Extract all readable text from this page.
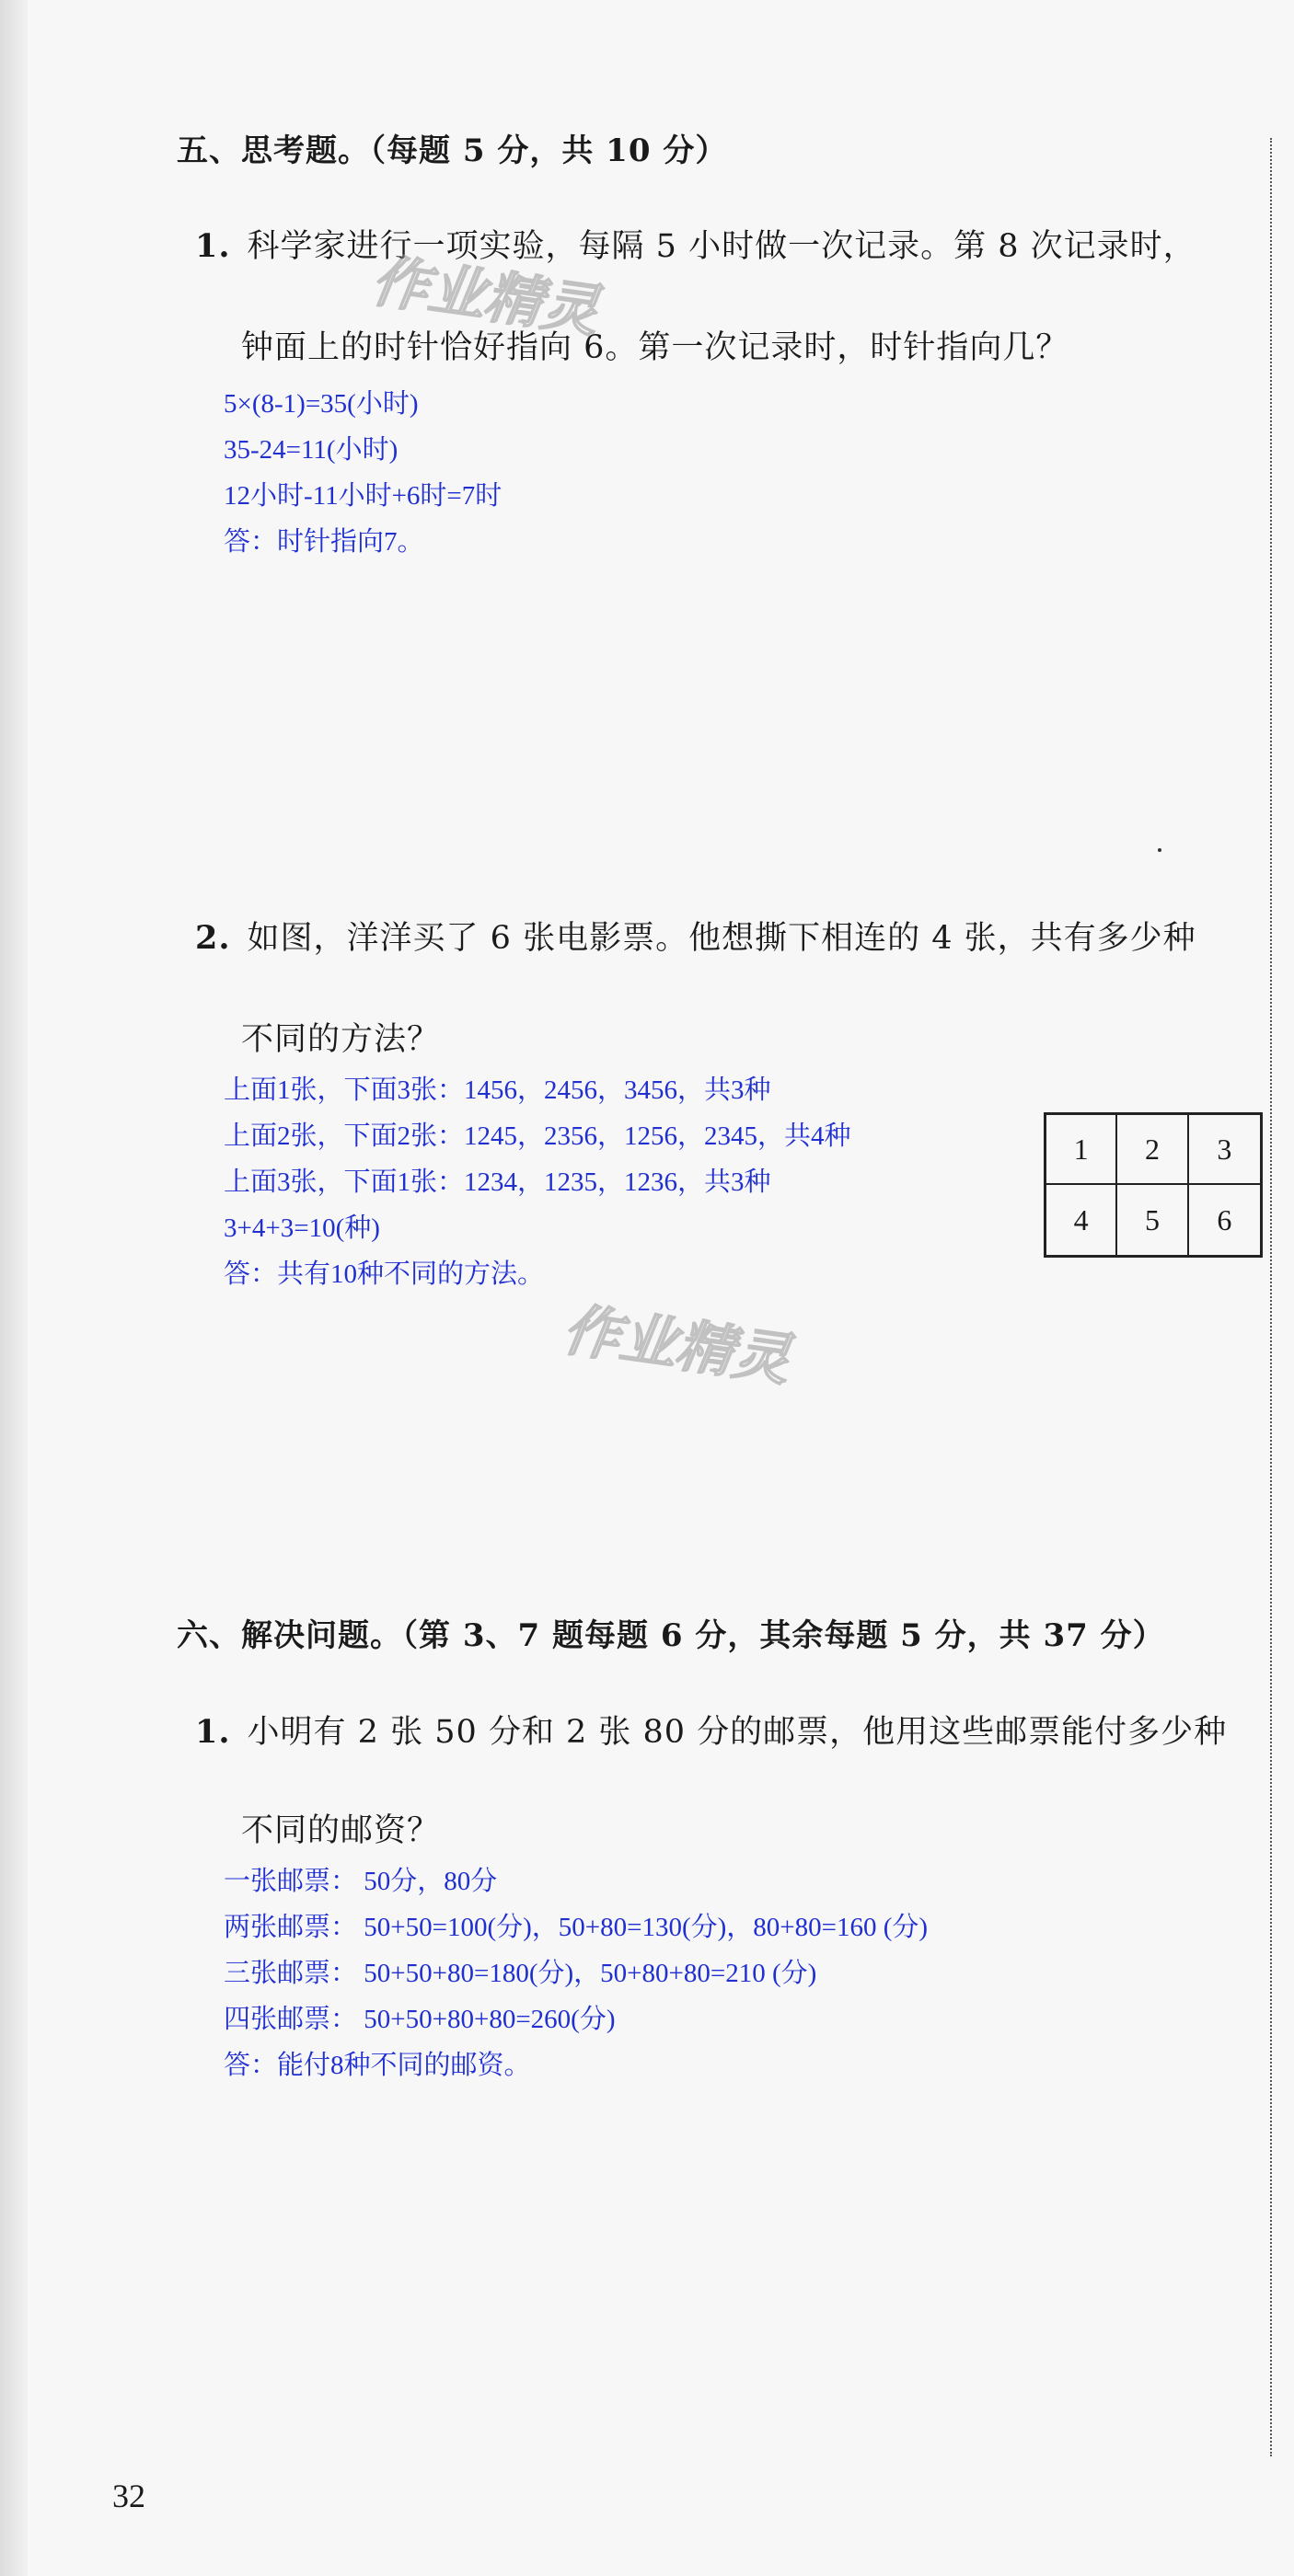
五、思考题。（每题 5 分，共 10 分）
1. 科学家进行一项实验，每隔 5 小时做一次记录。第 8 次记录时，
钟面上的时针恰好指向 6。第一次记录时，时针指向几？
5×(8-1)=35(小时)
35-24=11(小时)
12小时-11小时+6时=7时
答：时针指向7。
2. 如图，洋洋买了 6 张电影票。他想撕下相连的 4 张，共有多少种
不同的方法？
上面1张，下面3张：1456，2456，3456，共3种
上面2张，下面2张：1245，2356，1256，2345，共4种
上面3张，下面1张：1234，1235，1236，共3种
3+4+3=10(种)
答：共有10种不同的方法。
1	2	3
4	5	6
六、解决问题。（第 3、7 题每题 6 分，其余每题 5 分，共 37 分）
1. 小明有 2 张 50 分和 2 张 80 分的邮票，他用这些邮票能付多少种
不同的邮资？
一张邮票： 50分，80分
两张邮票： 50+50=100(分)，50+80=130(分)，80+80=160 (分)
三张邮票： 50+50+80=180(分)，50+80+80=210 (分)
四张邮票： 50+50+80+80=260(分)
答：能付8种不同的邮资。
作业精灵
作业精灵
32
